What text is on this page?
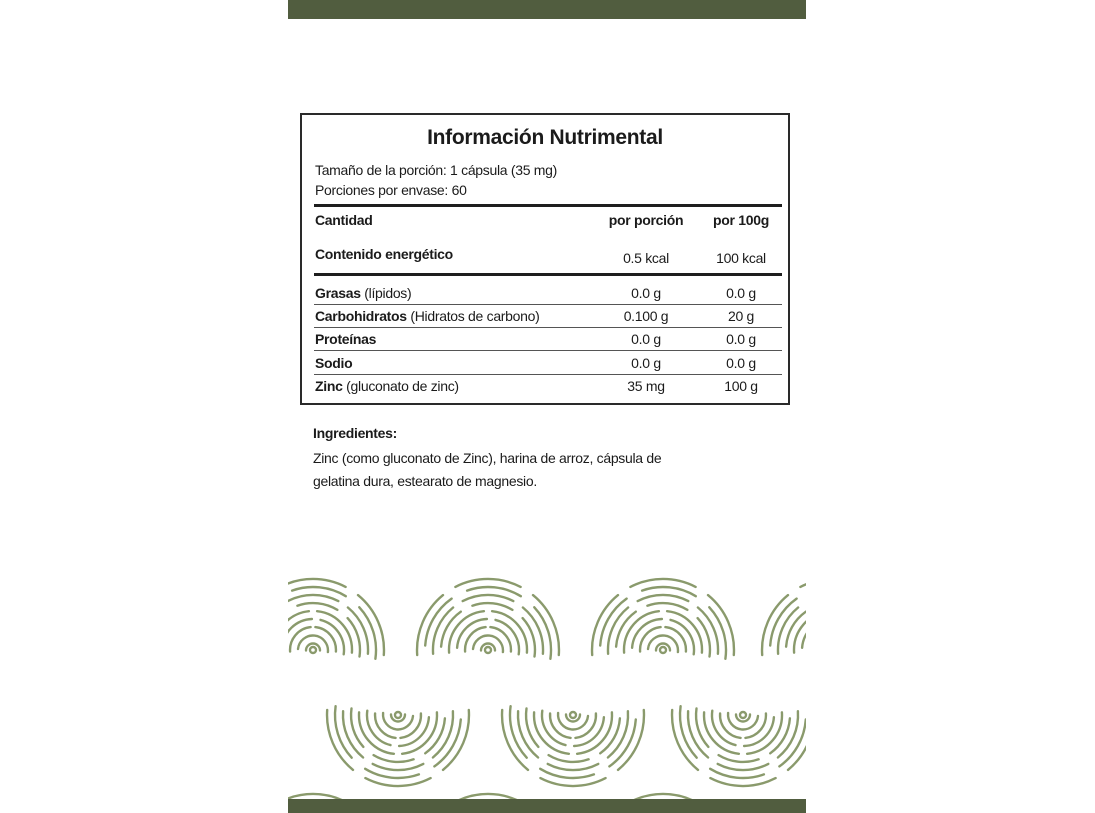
Información Nutrimental
Tamaño de la porción: 1 cápsula (35 mg)
Porciones por envase: 60
Cantidad	por porción	por 100g
Contenido energético	0.5 kcal	100 kcal
Grasas (lípidos)	0.0 g	0.0 g
Carbohidratos (Hidratos de carbono)	0.100 g	20 g
Proteínas	0.0 g	0.0 g
Sodio	0.0 g	0.0 g
Zinc (gluconato de zinc)	35 mg	100 g
Ingredientes:
Zinc (como gluconato de Zinc), harina de arroz, cápsula de
gelatina dura, estearato de magnesio.
